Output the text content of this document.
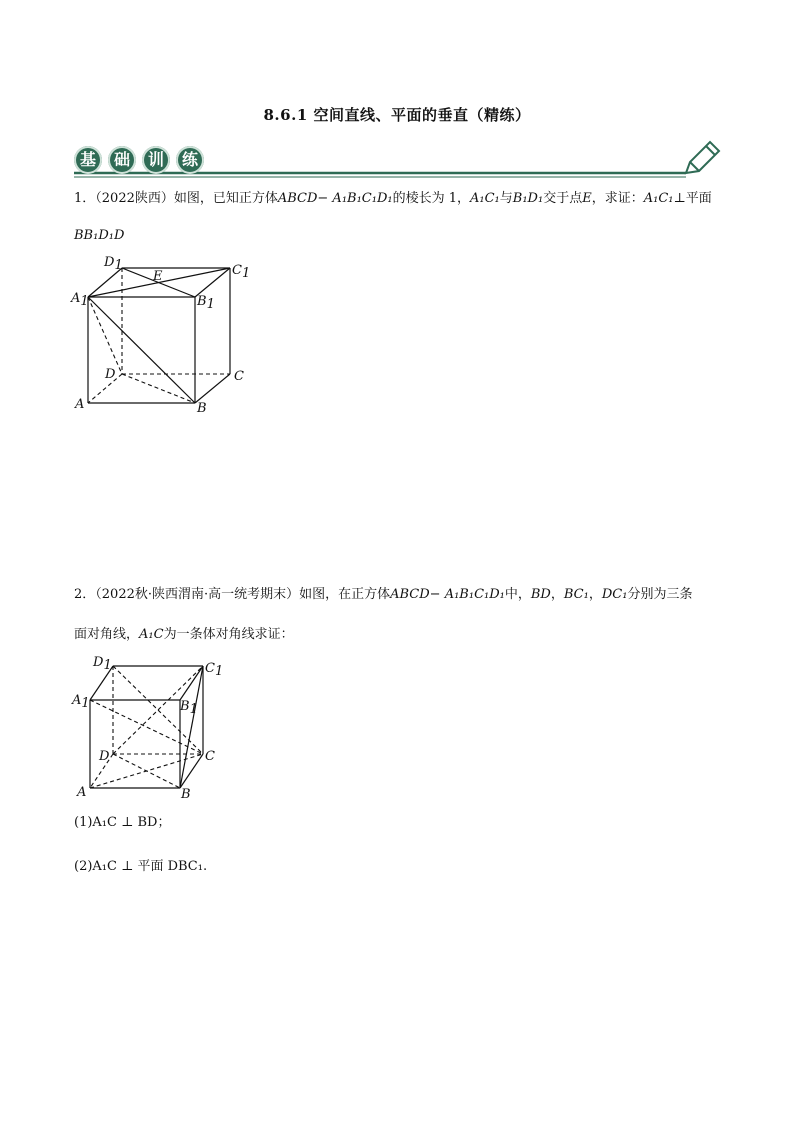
8.6.1 空间直线、平面的垂直（精练）
基	础	训	练
1．（2022陕西）如图，已知正方体ABCD− A₁B₁C₁D₁的棱长为 1，A₁C₁与B₁D₁交于点E，求证：A₁C₁⊥平面
BB₁D₁D
D1	C1
A1	B1
E
D	C
A	B
2．（2022秋·陕西渭南·高一统考期末）如图，在正方体ABCD− A₁B₁C₁D₁中，BD，BC₁，DC₁分别为三条
面对角线，A₁C为一条体对角线求证：
D1	C1
A1	B1
D	C
A	B
(1)A₁C ⊥ BD；
(2)A₁C ⊥ 平面 DBC₁.
